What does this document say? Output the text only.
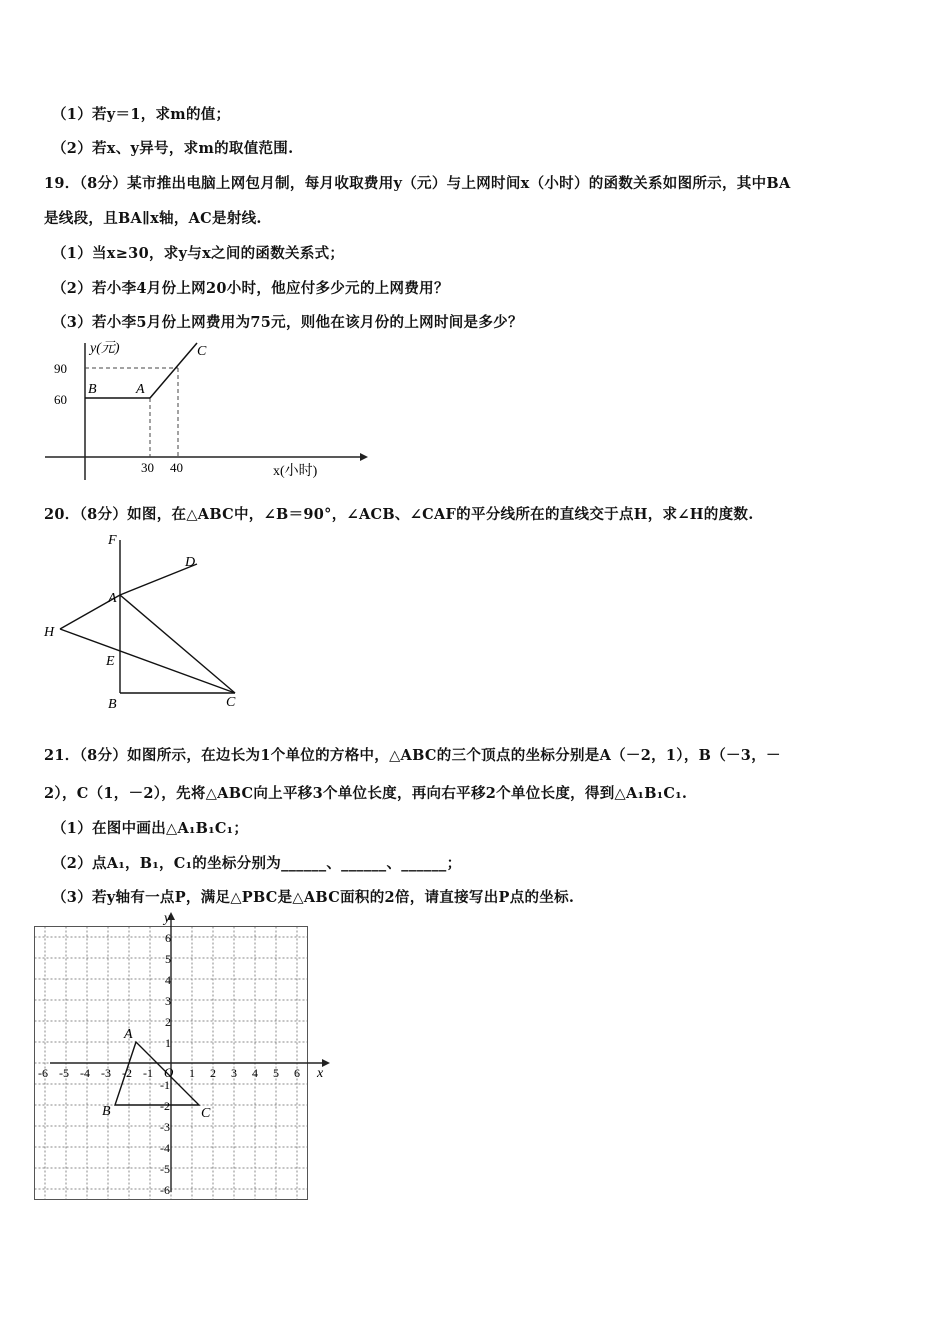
（1）若y＝1，求m的值；
（2）若x、y异号，求m的取值范围.
19．（8分）某市推出电脑上网包月制，每月收取费用y（元）与上网时间x（小时）的函数关系如图所示，其中BA
是线段，且BA∥x轴，AC是射线.
（1）当x≥30，求y与x之间的函数关系式；
（2）若小李4月份上网20小时，他应付多少元的上网费用？
（3）若小李5月份上网费用为75元，则他在该月份的上网时间是多少？
y(元)
x(小时)
90
60
30 40
B	A
C
20．（8分）如图，在△ABC中，∠B＝90°，∠ACB、∠CAF的平分线所在的直线交于点H，求∠H的度数.
F
D
A
H
E
B	C
21．（8分）如图所示，在边长为1个单位的方格中，△ABC的三个顶点的坐标分别是A（－2，1），B（－3，－
2），C（1，－2），先将△ABC向上平移3个单位长度，再向右平移2个单位长度，得到△A₁B₁C₁.
（1）在图中画出△A₁B₁C₁；
（2）点A₁，B₁，C₁的坐标分别为______、______、______；
（3）若y轴有一点P，满足△PBC是△ABC面积的2倍，请直接写出P点的坐标.
y
x
O
A
B	C
-6 -5 -4 -3 -2 -1	1 2 3 4 5 6
6
5
4
3
2
1
-1
-2
-3
-4
-5
-6
